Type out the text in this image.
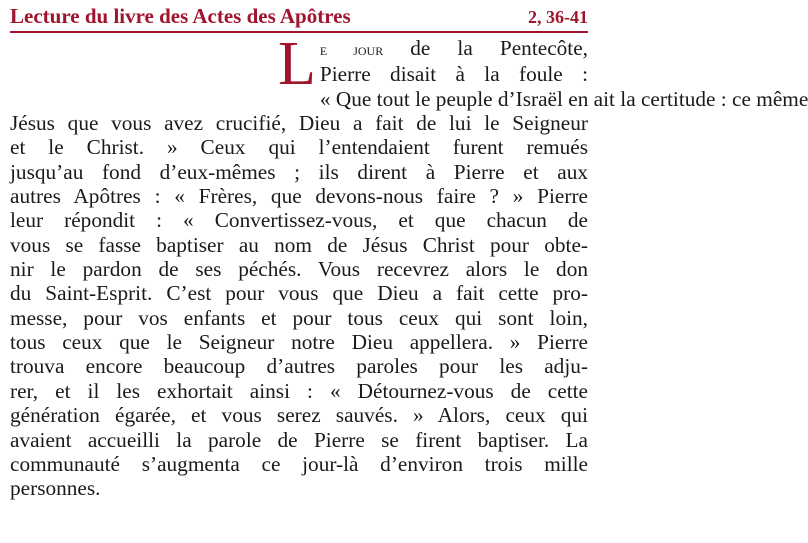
Lecture du livre des Actes des Apôtres	2, 36-41
L e jour de la Pentecôte,
Pierre disait à la foule :
« Que tout le peuple d’Israël en ait la certitude : ce même
Jésus que vous avez crucifié, Dieu a fait de lui le Seigneur
et le Christ. » Ceux qui l’entendaient furent remués
jusqu’au fond d’eux-mêmes ; ils dirent à Pierre et aux
autres Apôtres : « Frères, que devons-nous faire ? » Pierre
leur répondit : « Convertissez-vous, et que chacun de
vous se fasse baptiser au nom de Jésus Christ pour obte-
nir le pardon de ses péchés. Vous recevrez alors le don
du Saint-Esprit. C’est pour vous que Dieu a fait cette pro-
messe, pour vos enfants et pour tous ceux qui sont loin,
tous ceux que le Seigneur notre Dieu appellera. » Pierre
trouva encore beaucoup d’autres paroles pour les adju-
rer, et il les exhortait ainsi : « Détournez-vous de cette
génération égarée, et vous serez sauvés. » Alors, ceux qui
avaient accueilli la parole de Pierre se firent baptiser. La
communauté s’augmenta ce jour-là d’environ trois mille
personnes.
